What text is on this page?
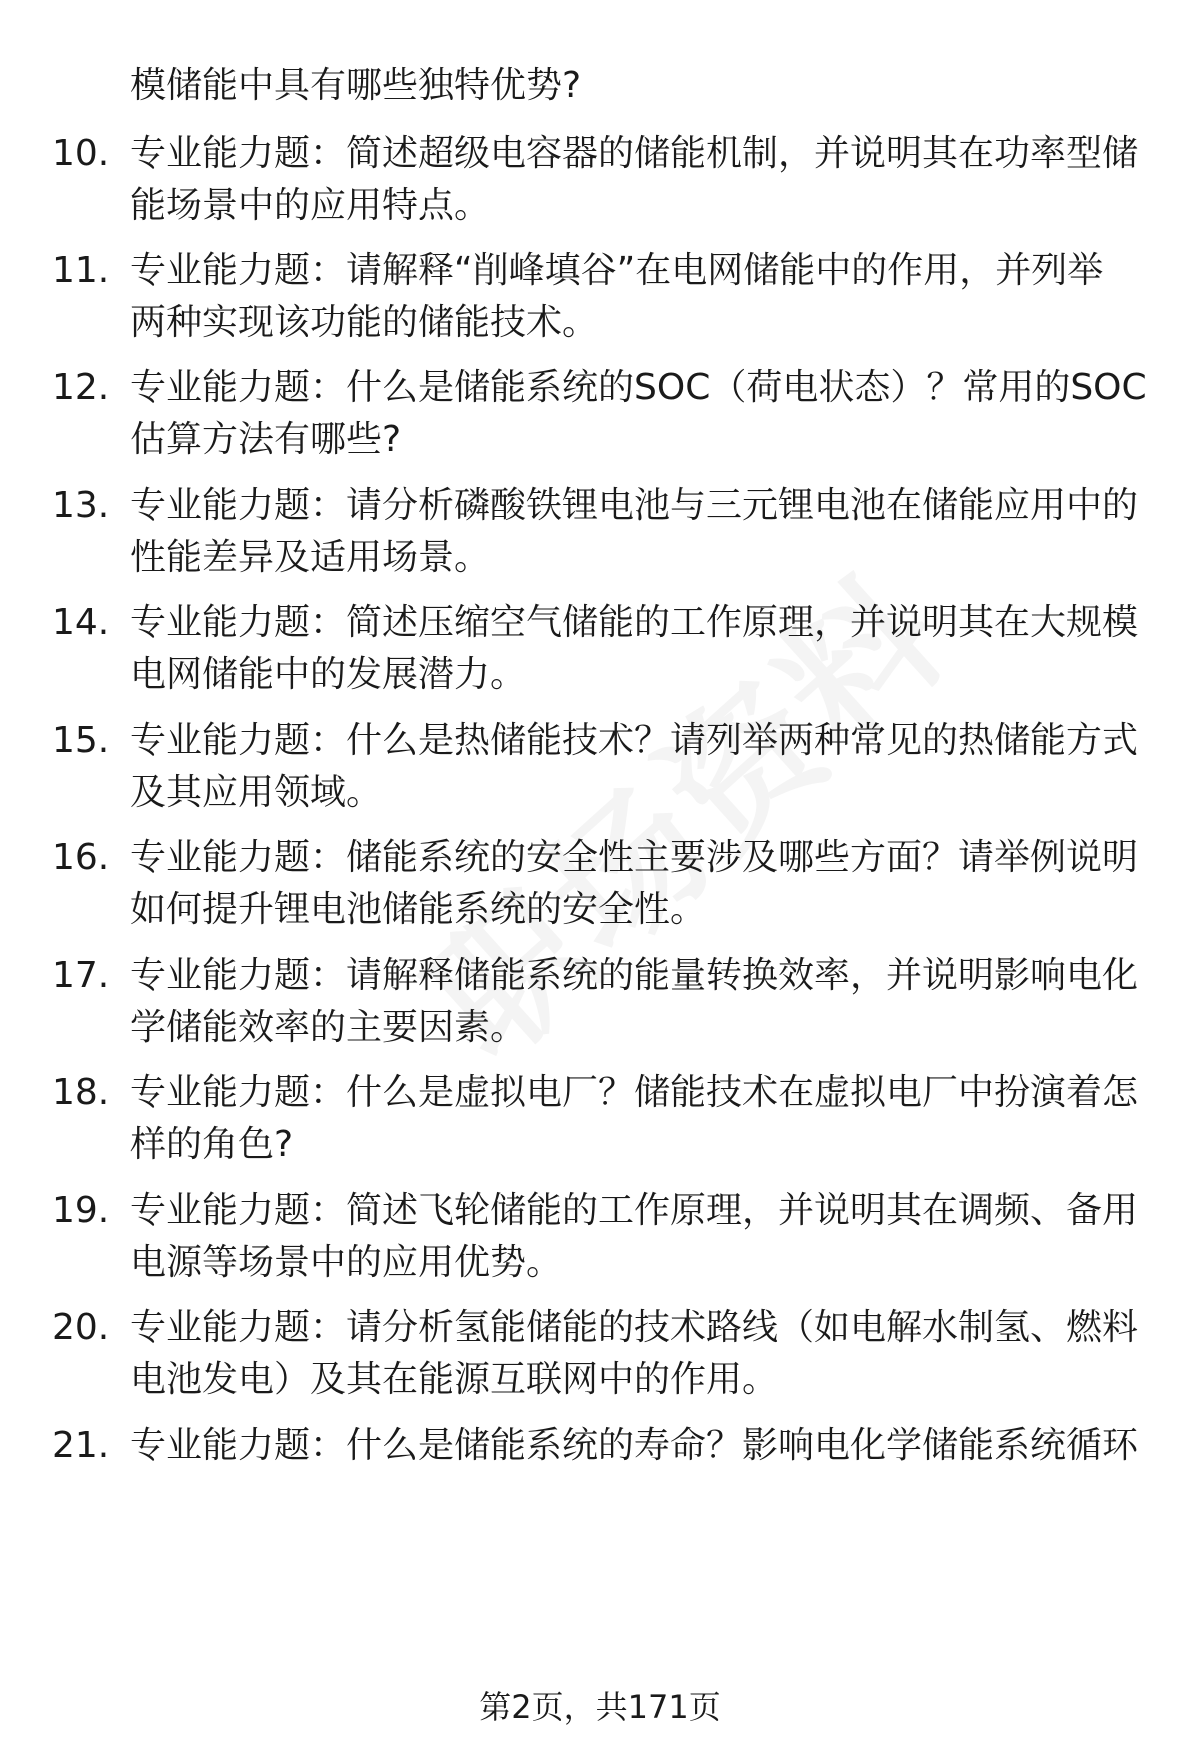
模储能中具有哪些独特优势?
10. 专业能力题：简述超级电容器的储能机制，并说明其在功率型储
能场景中的应用特点。
11. 专业能力题：请解释“削峰填谷”在电网储能中的作用，并列举
两种实现该功能的储能技术。
12. 专业能力题：什么是储能系统的SOC（荷电状态）？常用的SOC
估算方法有哪些?
13. 专业能力题：请分析磷酸铁锂电池与三元锂电池在储能应用中的
性能差异及适用场景。
14. 专业能力题：简述压缩空气储能的工作原理，并说明其在大规模
电网储能中的发展潜力。
15. 专业能力题：什么是热储能技术？请列举两种常见的热储能方式
及其应用领域。
16. 专业能力题：储能系统的安全性主要涉及哪些方面？请举例说明
如何提升锂电池储能系统的安全性。
17. 专业能力题：请解释储能系统的能量转换效率，并说明影响电化
学储能效率的主要因素。
18. 专业能力题：什么是虚拟电厂？储能技术在虚拟电厂中扮演着怎
样的角色?
19. 专业能力题：简述飞轮储能的工作原理，并说明其在调频、备用
电源等场景中的应用优势。
20. 专业能力题：请分析氢能储能的技术路线（如电解水制氢、燃料
电池发电）及其在能源互联网中的作用。
21. 专业能力题：什么是储能系统的寿命？影响电化学储能系统循环
第2页，共171页
